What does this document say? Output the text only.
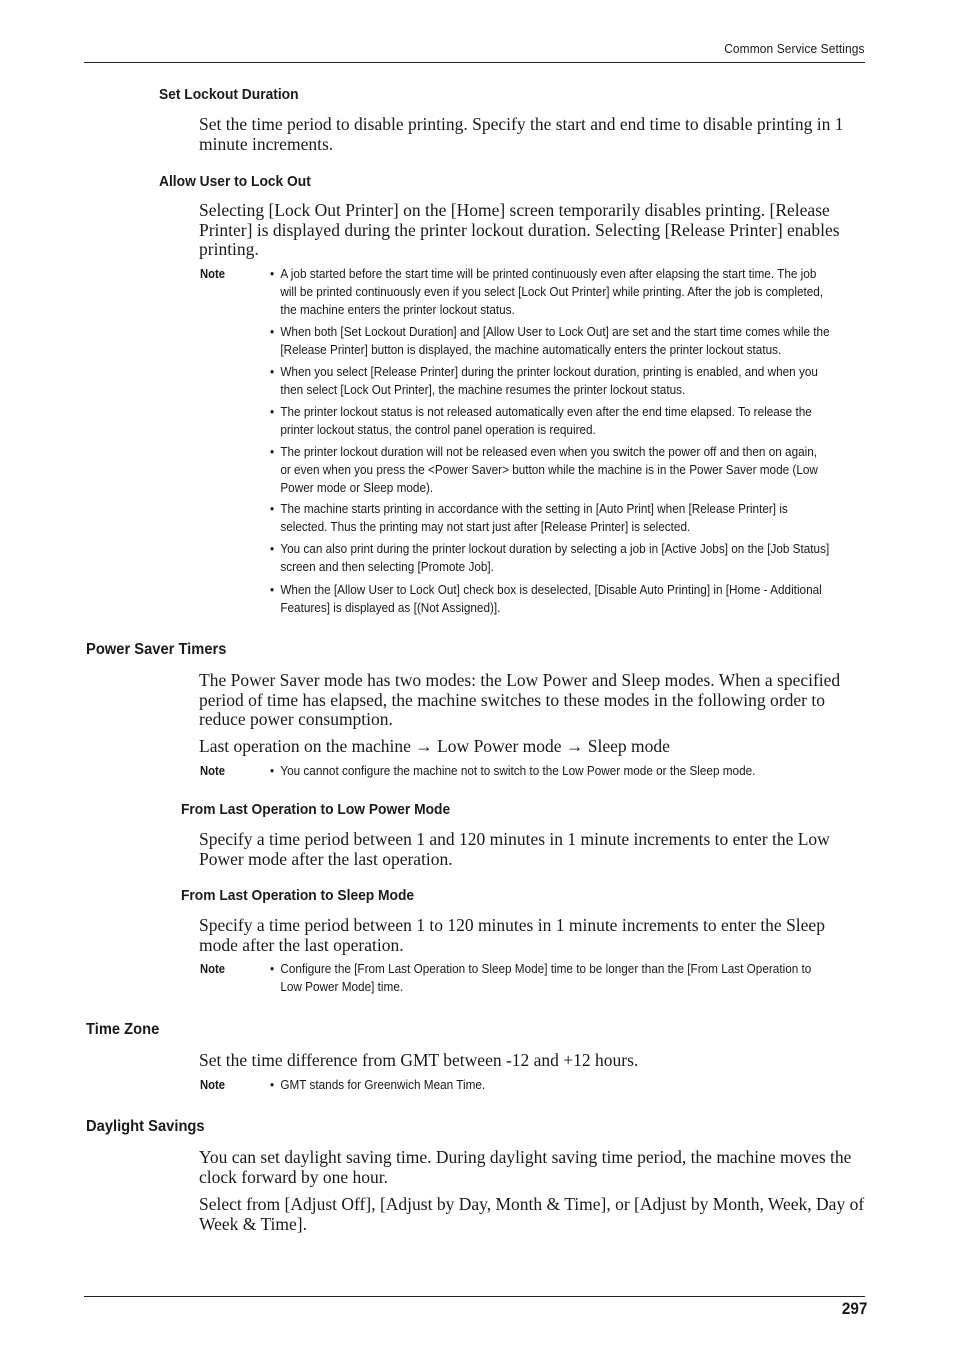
Common Service Settings
Set Lockout Duration
Set the time period to disable printing. Specify the start and end time to disable printing in 1 minute increments.
Allow User to Lock Out
Selecting [Lock Out Printer] on the [Home] screen temporarily disables printing. [Release Printer] is displayed during the printer lockout duration. Selecting [Release Printer] enables printing.
Note	• A job started before the start time will be printed continuously even after elapsing the start time. The job will be printed continuously even if you select [Lock Out Printer] while printing. After the job is completed, the machine enters the printer lockout status.
• When both [Set Lockout Duration] and [Allow User to Lock Out] are set and the start time comes while the [Release Printer] button is displayed, the machine automatically enters the printer lockout status.
• When you select [Release Printer] during the printer lockout duration, printing is enabled, and when you then select [Lock Out Printer], the machine resumes the printer lockout status.
• The printer lockout status is not released automatically even after the end time elapsed. To release the printer lockout status, the control panel operation is required.
• The printer lockout duration will not be released even when you switch the power off and then on again, or even when you press the <Power Saver> button while the machine is in the Power Saver mode (Low Power mode or Sleep mode).
• The machine starts printing in accordance with the setting in [Auto Print] when [Release Printer] is selected. Thus the printing may not start just after [Release Printer] is selected.
• You can also print during the printer lockout duration by selecting a job in [Active Jobs] on the [Job Status] screen and then selecting [Promote Job].
• When the [Allow User to Lock Out] check box is deselected, [Disable Auto Printing] in [Home - Additional Features] is displayed as [(Not Assigned)].
Power Saver Timers
The Power Saver mode has two modes: the Low Power and Sleep modes. When a specified period of time has elapsed, the machine switches to these modes in the following order to reduce power consumption.
Last operation on the machine → Low Power mode → Sleep mode
Note	• You cannot configure the machine not to switch to the Low Power mode or the Sleep mode.
From Last Operation to Low Power Mode
Specify a time period between 1 and 120 minutes in 1 minute increments to enter the Low Power mode after the last operation.
From Last Operation to Sleep Mode
Specify a time period between 1 to 120 minutes in 1 minute increments to enter the Sleep mode after the last operation.
Note	• Configure the [From Last Operation to Sleep Mode] time to be longer than the [From Last Operation to Low Power Mode] time.
Time Zone
Set the time difference from GMT between -12 and +12 hours.
Note	• GMT stands for Greenwich Mean Time.
Daylight Savings
You can set daylight saving time. During daylight saving time period, the machine moves the clock forward by one hour.
Select from [Adjust Off], [Adjust by Day, Month & Time], or [Adjust by Month, Week, Day of Week & Time].
297
